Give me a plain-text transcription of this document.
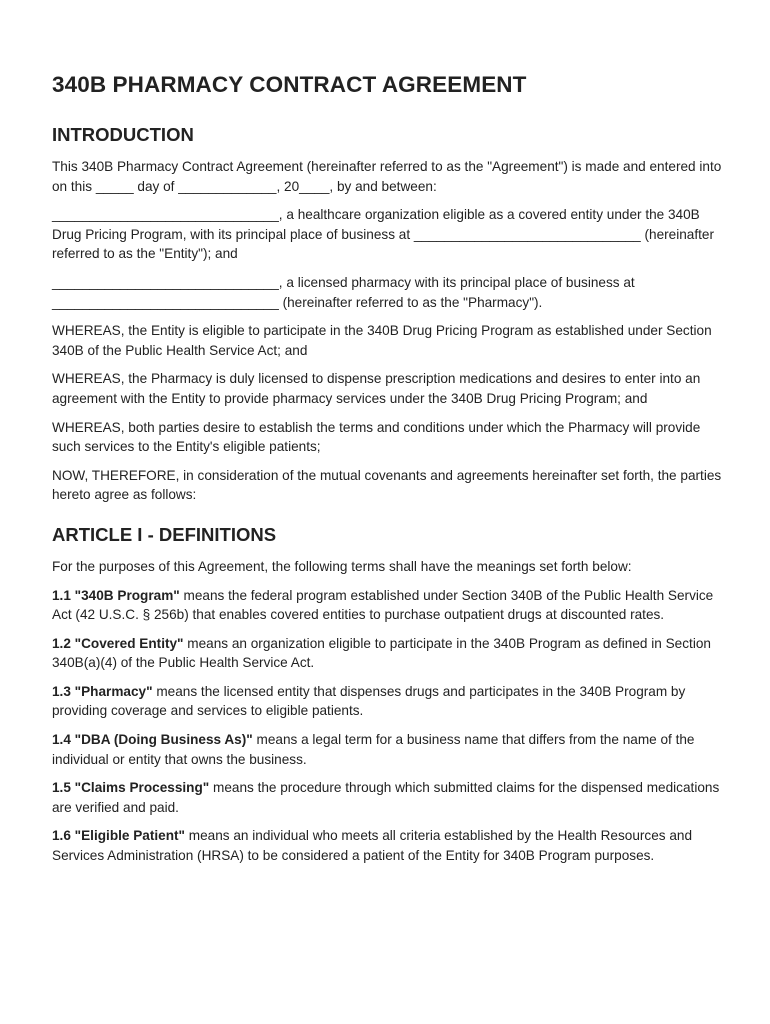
340B PHARMACY CONTRACT AGREEMENT
INTRODUCTION

This 340B Pharmacy Contract Agreement (hereinafter referred to as the "Agreement") is made and entered into on this _____ day of _____________, 20____, by and between:

______________________________, a healthcare organization eligible as a covered entity under the 340B Drug Pricing Program, with its principal place of business at ______________________________ (hereinafter referred to as the "Entity"); and

______________________________, a licensed pharmacy with its principal place of business at ______________________________ (hereinafter referred to as the "Pharmacy").

WHEREAS, the Entity is eligible to participate in the 340B Drug Pricing Program as established under Section 340B of the Public Health Service Act; and

WHEREAS, the Pharmacy is duly licensed to dispense prescription medications and desires to enter into an agreement with the Entity to provide pharmacy services under the 340B Drug Pricing Program; and

WHEREAS, both parties desire to establish the terms and conditions under which the Pharmacy will provide such services to the Entity's eligible patients;

NOW, THEREFORE, in consideration of the mutual covenants and agreements hereinafter set forth, the parties hereto agree as follows:

ARTICLE I - DEFINITIONS

For the purposes of this Agreement, the following terms shall have the meanings set forth below:

1.1 "340B Program" means the federal program established under Section 340B of the Public Health Service Act (42 U.S.C. § 256b) that enables covered entities to purchase outpatient drugs at discounted rates.

1.2 "Covered Entity" means an organization eligible to participate in the 340B Program as defined in Section 340B(a)(4) of the Public Health Service Act.

1.3 "Pharmacy" means the licensed entity that dispenses drugs and participates in the 340B Program by providing coverage and services to eligible patients.

1.4 "DBA (Doing Business As)" means a legal term for a business name that differs from the name of the individual or entity that owns the business.

1.5 "Claims Processing" means the procedure through which submitted claims for the dispensed medications are verified and paid.

1.6 "Eligible Patient" means an individual who meets all criteria established by the Health Resources and Services Administration (HRSA) to be considered a patient of the Entity for 340B Program purposes.
